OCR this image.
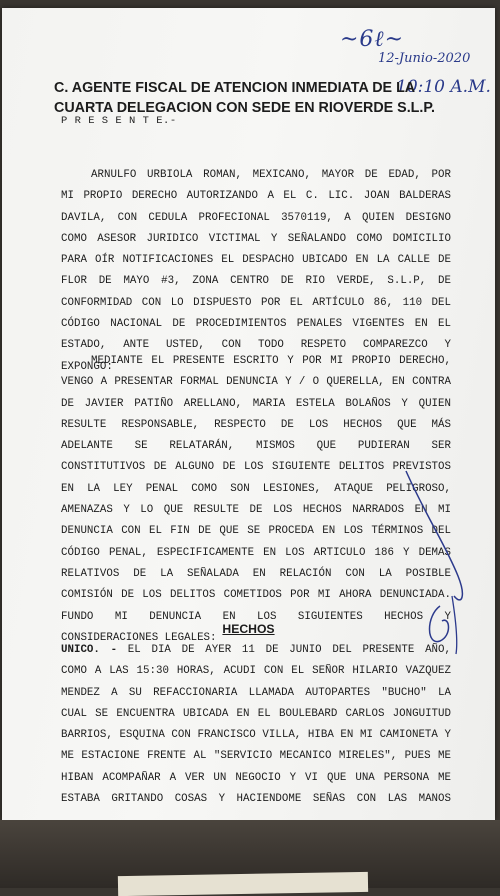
~6ℓ~
12-Junio-2020
10:10 A.M.
C. AGENTE FISCAL DE ATENCION INMEDIATA DE LA
CUARTA DELEGACION CON SEDE EN RIOVERDE S.L.P.
P R E S E N T E.-
ARNULFO URBIOLA ROMAN, MEXICANO, MAYOR DE EDAD, POR
MI PROPIO DERECHO AUTORIZANDO A EL C. LIC. JOAN BALDERAS
DAVILA, CON CEDULA PROFECIONAL 3570119, A QUIEN DESIGNO
COMO ASESOR JURIDICO VICTIMAL Y SEÑALANDO COMO DOMICILIO
PARA OÍR NOTIFICACIONES EL DESPACHO UBICADO EN LA CALLE DE
FLOR DE MAYO #3, ZONA CENTRO DE RIO VERDE, S.L.P, DE
CONFORMIDAD CON LO DISPUESTO POR EL ARTÍCULO 86, 110 DEL
CÓDIGO NACIONAL DE PROCEDIMIENTOS PENALES VIGENTES EN EL
ESTADO, ANTE USTED, CON TODO RESPETO COMPAREZCO Y
EXPONGO:
MEDIANTE EL PRESENTE ESCRITO Y POR MI PROPIO DERECHO,
VENGO A PRESENTAR FORMAL DENUNCIA Y / O QUERELLA, EN CONTRA
DE JAVIER PATIÑO ARELLANO, MARIA ESTELA BOLAÑOS Y QUIEN
RESULTE RESPONSABLE, RESPECTO DE LOS HECHOS QUE MÁS
ADELANTE SE RELATARÁN, MISMOS QUE PUDIERAN SER
CONSTITUTIVOS DE ALGUNO DE LOS SIGUIENTE DELITOS PREVISTOS
EN LA LEY PENAL COMO SON LESIONES, ATAQUE PELIGROSO,
AMENAZAS Y LO QUE RESULTE DE LOS HECHOS NARRADOS EN MI
DENUNCIA CON EL FIN DE QUE SE PROCEDA EN LOS TÉRMINOS DEL
CÓDIGO PENAL, ESPECIFICAMENTE EN LOS ARTICULO 186 Y DEMAS
RELATIVOS DE LA SEÑALADA EN RELACIÓN CON LA POSIBLE
COMISIÓN DE LOS DELITOS COMETIDOS POR MI AHORA DENUNCIADA.
FUNDO MI DENUNCIA EN LOS SIGUIENTES HECHOS Y
CONSIDERACIONES LEGALES:
HECHOS
UNICO. - EL DIA DE AYER 11 DE JUNIO DEL PRESENTE AÑO,
COMO A LAS 15:30 HORAS, ACUDI CON EL SEÑOR HILARIO VAZQUEZ
MENDEZ A SU REFACCIONARIA LLAMADA AUTOPARTES "BUCHO" LA
CUAL SE ENCUENTRA UBICADA EN EL BOULEBARD CARLOS JONGUITUD
BARRIOS, ESQUINA CON FRANCISCO VILLA, HIBA EN MI CAMIONETA Y
ME ESTACIONE FRENTE AL "SERVICIO MECANICO MIRELES", PUES ME
HIBAN ACOMPAÑAR A VER UN NEGOCIO Y VI QUE UNA PERSONA ME
ESTABA GRITANDO COSAS Y HACIENDOME SEÑAS CON LAS MANOS
